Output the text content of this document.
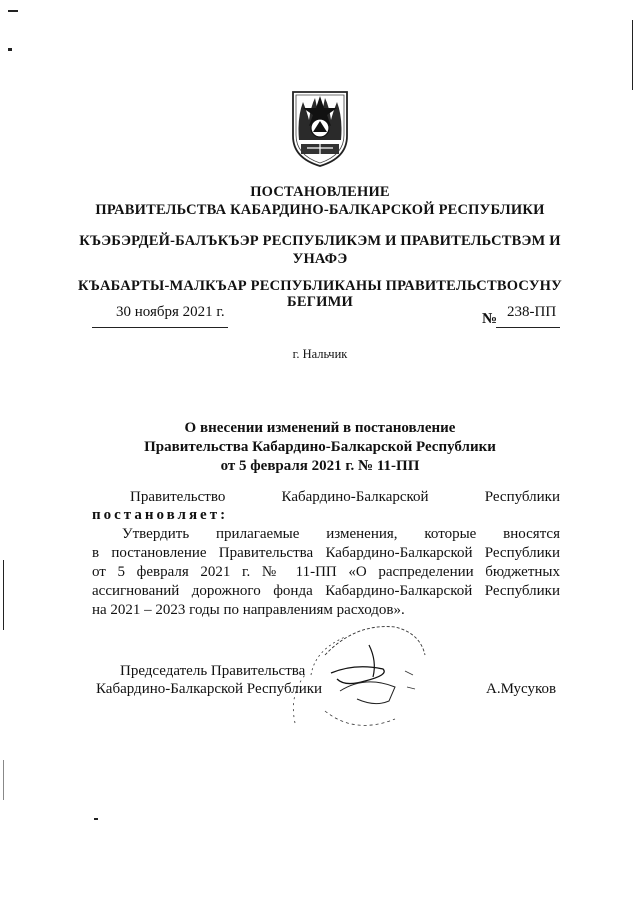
ПОСТАНОВЛЕНИЕ
ПРАВИТЕЛЬСТВА КАБАРДИНО-БАЛКАРСКОЙ РЕСПУБЛИКИ
КЪЭБЭРДЕЙ-БАЛЪКЪЭР РЕСПУБЛИКЭМ И ПРАВИТЕЛЬСТВЭМ И
УНАФЭ
КЪАБАРТЫ-МАЛКЪАР РЕСПУБЛИКАНЫ ПРАВИТЕЛЬСТВОСУНУ
БЕГИМИ
30 ноября 2021 г.	№ 238-ПП
г. Нальчик
О внесении изменений в постановление
Правительства Кабардино-Балкарской Республики
от 5 февраля 2021 г. № 11-ПП
Правительство Кабардино-Балкарской Республики
постановляет:
Утвердить прилагаемые изменения, которые вносятся
в постановление Правительства Кабардино-Балкарской Республики
от 5 февраля 2021 г. № 11-ПП «О распределении бюджетных
ассигнований дорожного фонда Кабардино-Балкарской Республики
на 2021 – 2023 годы по направлениям расходов».
Председатель Правительства
Кабардино-Балкарской Республики	А.Мусуков
